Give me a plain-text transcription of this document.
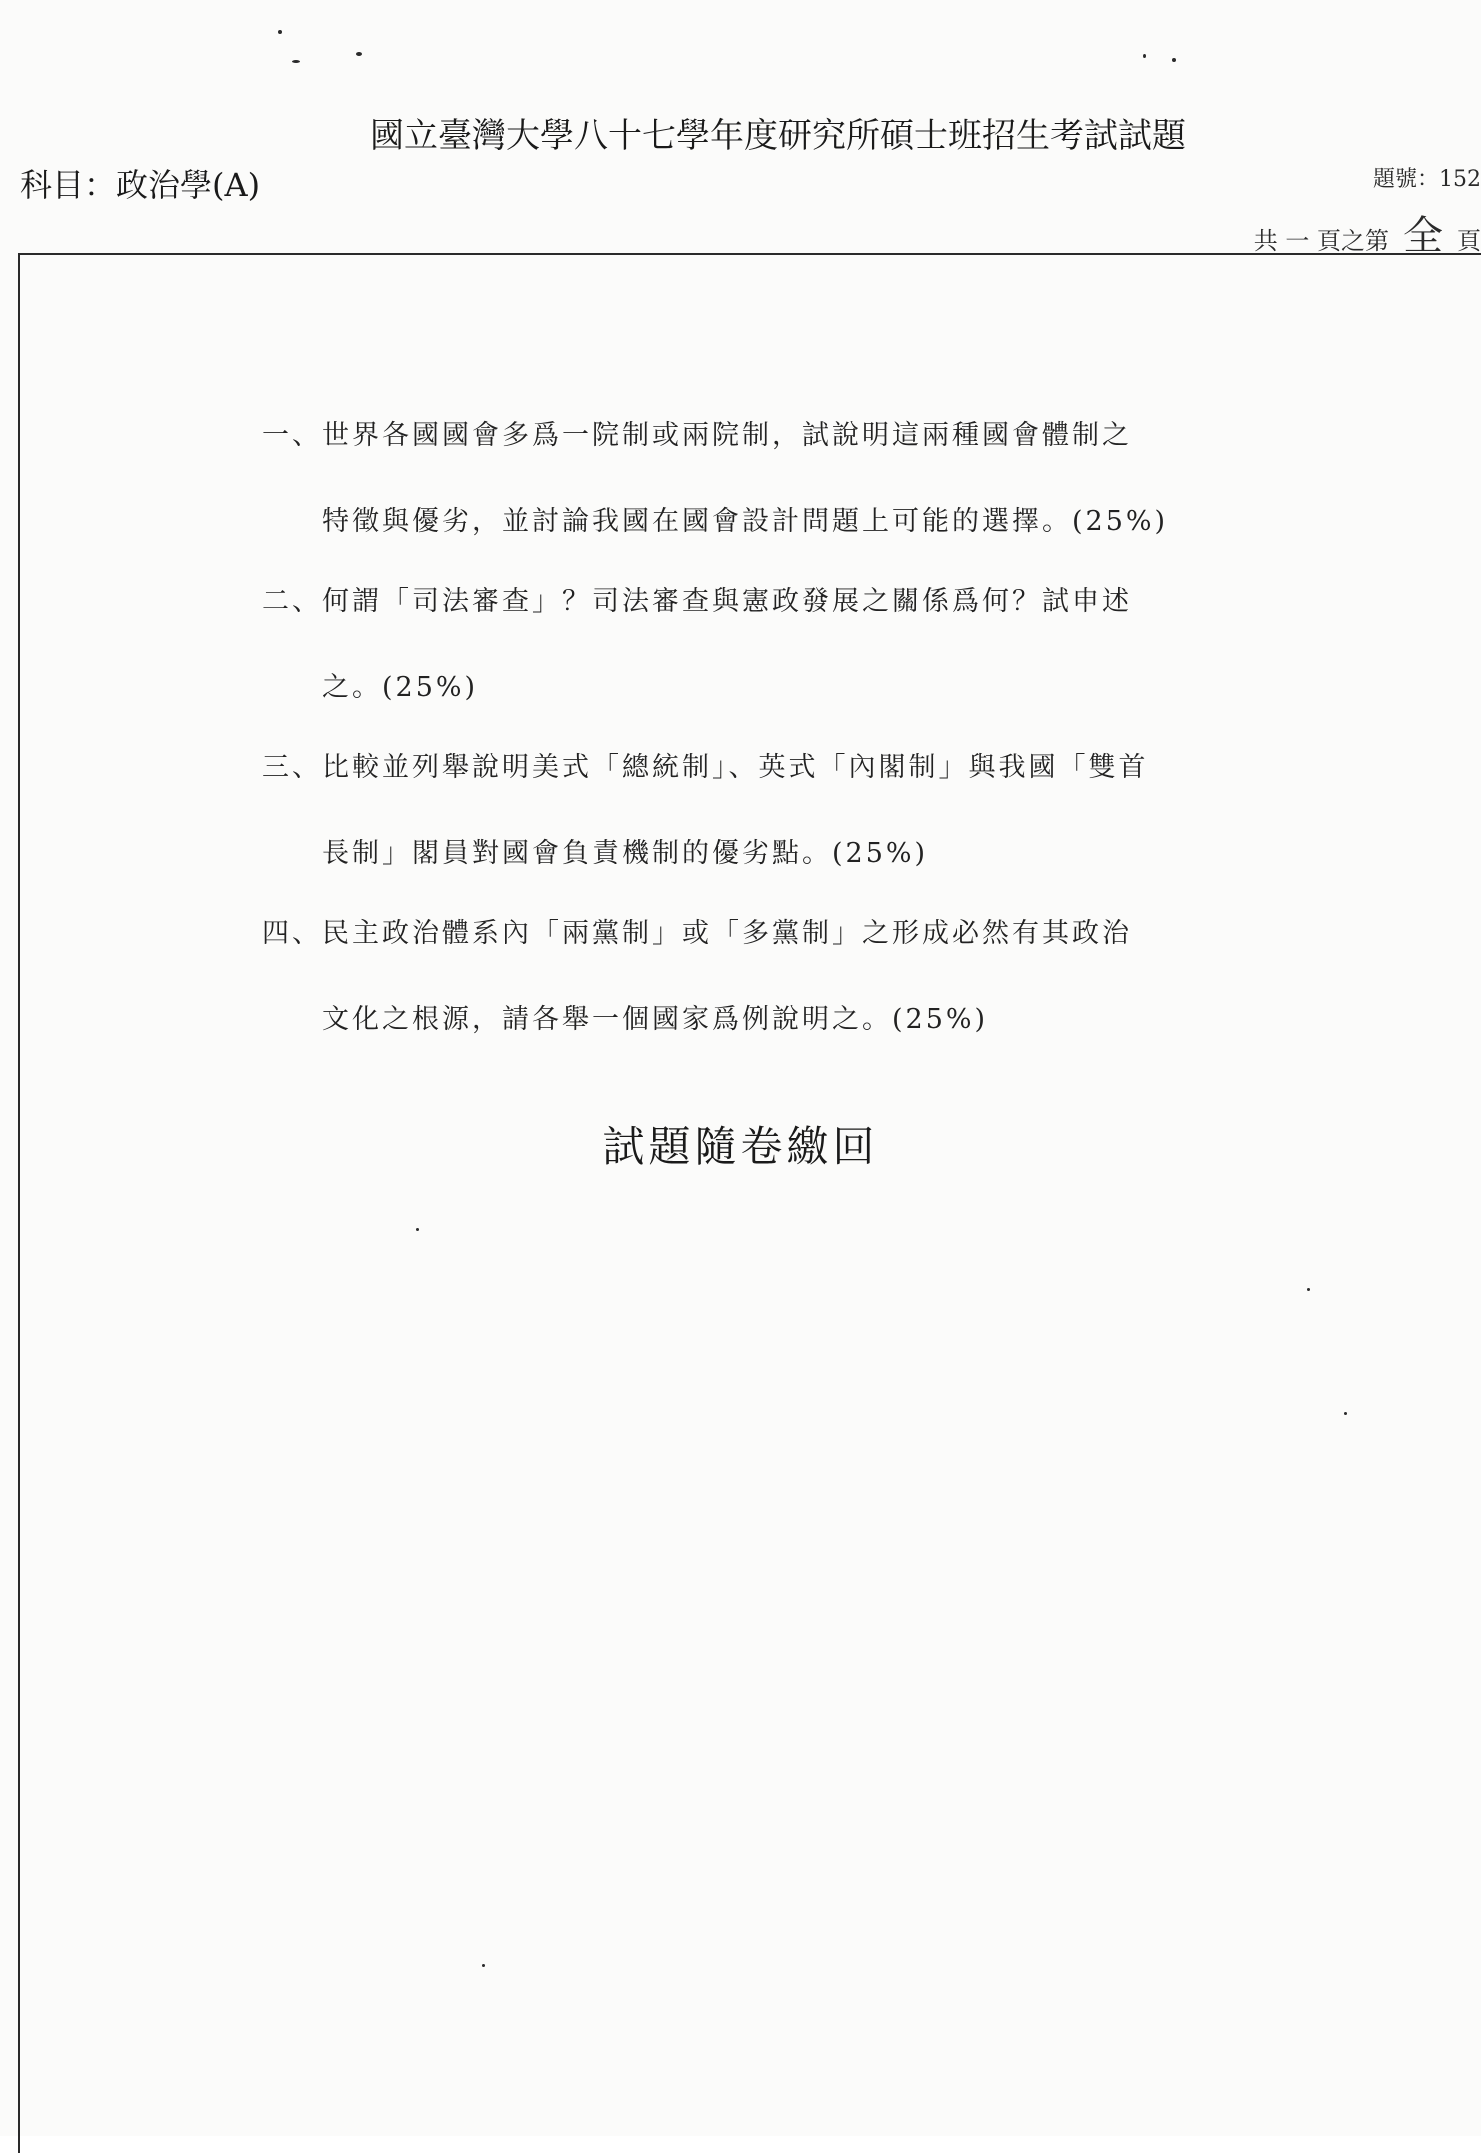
國立臺灣大學八十七學年度研究所碩士班招生考試試題
科目：政治學(A)	題號：152
共 一 頁之第 全 頁
一、世界各國國會多爲一院制或兩院制，試說明這兩種國會體制之
特徵與優劣，並討論我國在國會設計問題上可能的選擇。(25%)
二、何謂「司法審查」？司法審查與憲政發展之關係爲何？試申述
之。(25%)
三、比較並列舉說明美式「總統制」、英式「內閣制」與我國「雙首
長制」閣員對國會負責機制的優劣點。(25%)
四、民主政治體系內「兩黨制」或「多黨制」之形成必然有其政治
文化之根源，請各舉一個國家爲例說明之。(25%)
試題隨卷繳回
